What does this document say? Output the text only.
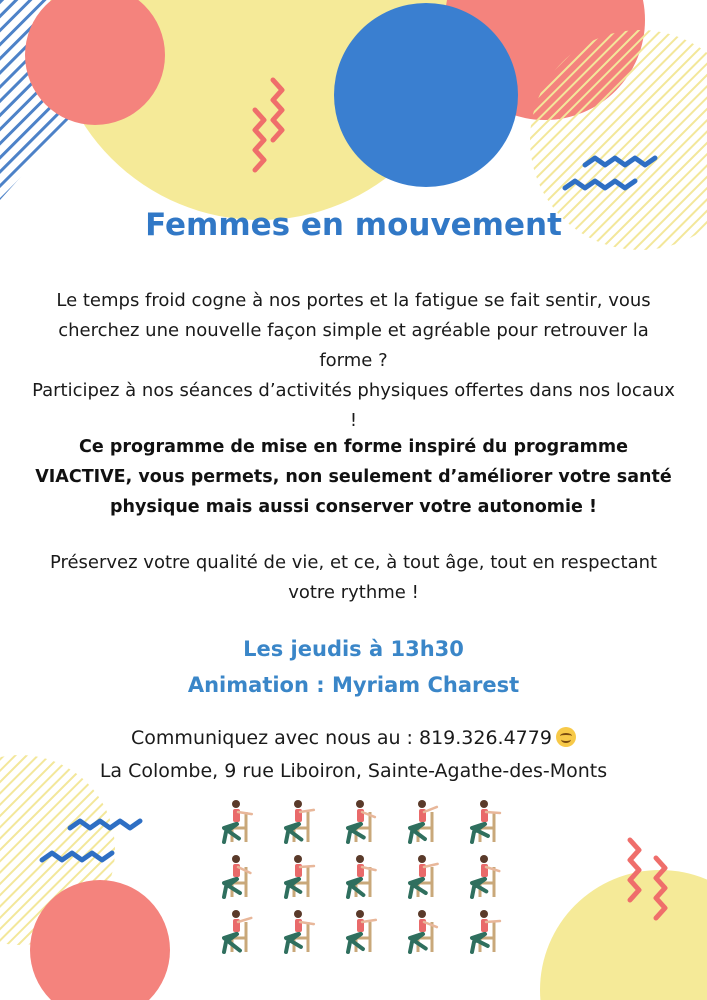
Femmes en mouvement

Le temps froid cogne à nos portes et la fatigue se fait sentir, vous cherchez une nouvelle façon simple et agréable pour retrouver la forme ?

Participez à nos séances d’activités physiques offertes dans nos locaux !

Ce programme de mise en forme inspiré du programme VIACTIVE, vous permets, non seulement d’améliorer votre santé physique mais aussi conserver votre autonomie !

Préservez votre qualité de vie, et ce, à tout âge, tout en respectant votre rythme !

Les jeudis à 13h30

Animation : Myriam Charest

Communiquez avec nous au : 819.326.4779

La Colombe, 9 rue Liboiron, Sainte-Agathe-des-Monts
